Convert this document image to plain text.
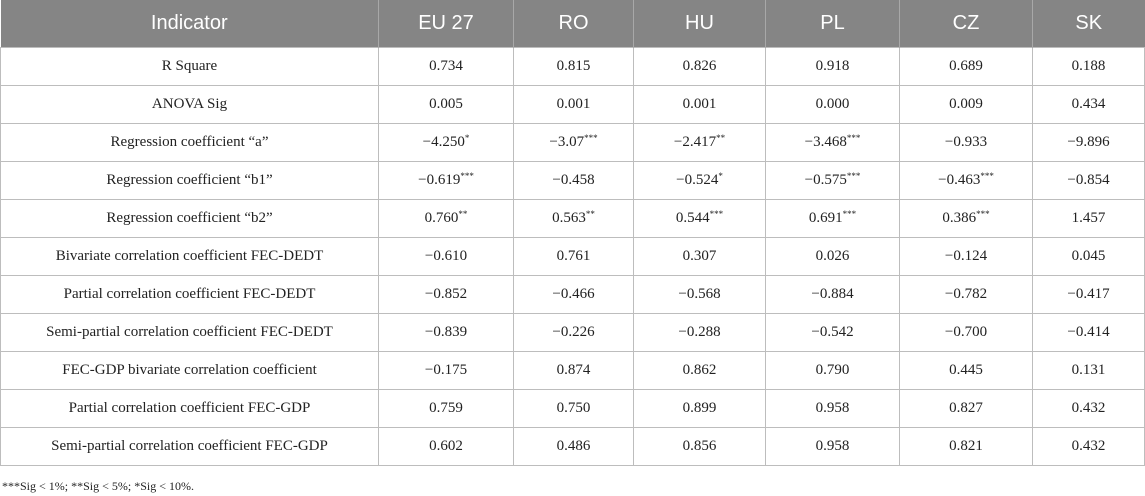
Indicator	EU 27	RO	HU	PL	CZ	SK
R Square	0.734	0.815	0.826	0.918	0.689	0.188
ANOVA Sig	0.005	0.001	0.001	0.000	0.009	0.434
Regression coefficient “a”	−4.250*	−3.07***	−2.417**	−3.468***	−0.933	−9.896
Regression coefficient “b1”	−0.619***	−0.458	−0.524*	−0.575***	−0.463***	−0.854
Regression coefficient “b2”	0.760**	0.563**	0.544***	0.691***	0.386***	1.457
Bivariate correlation coefficient FEC-DEDT	−0.610	0.761	0.307	0.026	−0.124	0.045
Partial correlation coefficient FEC-DEDT	−0.852	−0.466	−0.568	−0.884	−0.782	−0.417
Semi-partial correlation coefficient FEC-DEDT	−0.839	−0.226	−0.288	−0.542	−0.700	−0.414
FEC-GDP bivariate correlation coefficient	−0.175	0.874	0.862	0.790	0.445	0.131
Partial correlation coefficient FEC-GDP	0.759	0.750	0.899	0.958	0.827	0.432
Semi-partial correlation coefficient FEC-GDP	0.602	0.486	0.856	0.958	0.821	0.432
***Sig < 1%; **Sig < 5%; *Sig < 10%.
